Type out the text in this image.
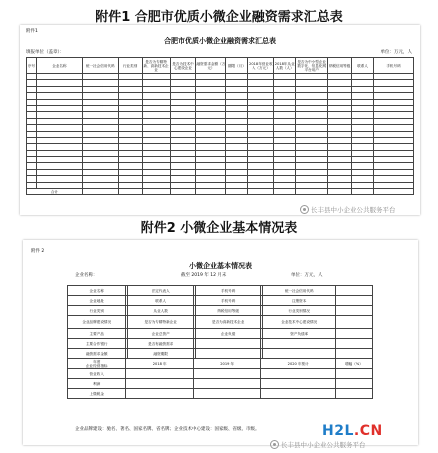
附件1 合肥市优质小微企业融资需求汇总表
附件1
合肥市优质小微企业融资需求汇总表
填报单位（盖章）：	单位：万元，人
序号	企业名称	统一社会信用代码	行业类别	是否为专精特新、高新技术企业	是否为技术中心建设企业	融资需求金额（万元）	期限（月）	2018年营业收入（万元）	2018年从业人数（人）	是否为中小型企业数字化、信息化网平台用户	纳税信用等级	联系人	手机号码

合计													
附件2 小微企业基本情况表
附件 2
小微企业基本情况表
企业名称：	截至 2019 年 12 月末	单位：万元，人
企业名称		法定代表人		手机号码		统一社会信用代码	
企业地址		联系人		手机号码		注册资本	
行业类别		从业人数		纳税信用等级		行业类别情况	
企业品牌建设情况		是否为专精特新企业		是否为高新技术企业		企业技术中心建设情况	
主要产品		企业总资产		企业负债		资产负债率	
主要合作银行		是否有融资需求					
融资需求金额		融资期限					

年度
企业经营指标	2018 年		2019 年		2020 年预计		增幅（%）
营业收入							
利润							
上缴税金							
企业品牌建设：驰名、著名、国家名牌、省名牌；企业技术中心建设：国家级、省级、市级。
长丰县中小企业公共服务平台
长丰县中小企业公共服务平台
H2L.CN
